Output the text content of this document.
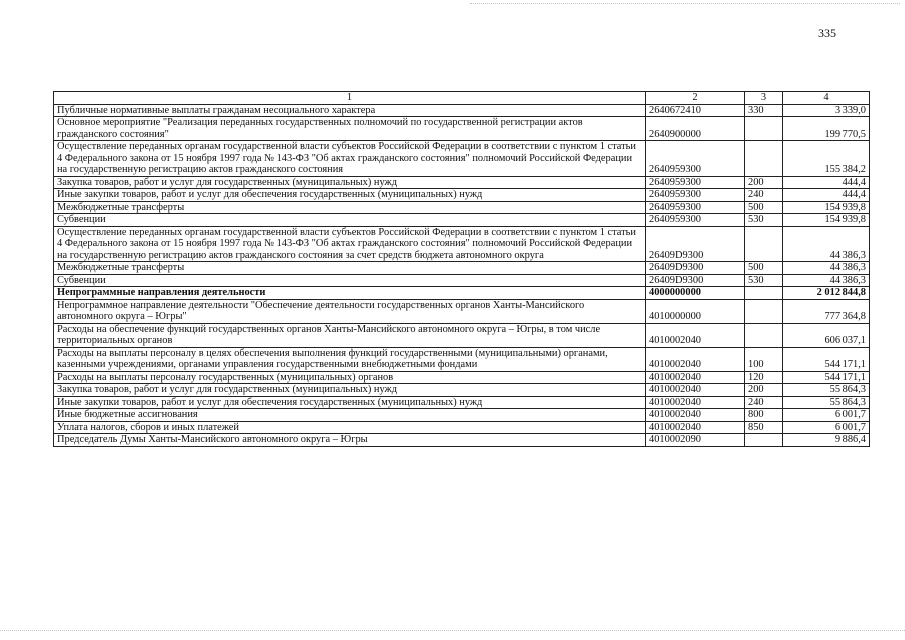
335
1	2	3	4
Публичные нормативные выплаты гражданам несоциального характера	2640672410	330	3 339,0
Основное мероприятие "Реализация переданных государственных полномочий по государственной регистрации актов гражданского состояния"	2640900000		199 770,5
Осуществление переданных органам государственной власти субъектов Российской Федерации в соответствии с пунктом 1 статьи 4 Федерального закона от 15 ноября 1997 года № 143-ФЗ "Об актах гражданского состояния" полномочий Российской Федерации на государственную регистрацию актов гражданского состояния	2640959300		155 384,2
Закупка товаров, работ и услуг для государственных (муниципальных) нужд	2640959300	200	444,4
Иные закупки товаров, работ и услуг для обеспечения государственных (муниципальных) нужд	2640959300	240	444,4
Межбюджетные трансферты	2640959300	500	154 939,8
Субвенции	2640959300	530	154 939,8
Осуществление переданных органам государственной власти субъектов Российской Федерации в соответствии с пунктом 1 статьи 4 Федерального закона от 15 ноября 1997 года № 143-ФЗ "Об актах гражданского состояния" полномочий Российской Федерации на государственную регистрацию актов гражданского состояния за счет средств бюджета автономного округа	26409D9300		44 386,3
Межбюджетные трансферты	26409D9300	500	44 386,3
Субвенции	26409D9300	530	44 386,3
Непрограммные направления деятельности	4000000000		2 012 844,8
Непрограммное направление деятельности "Обеспечение деятельности государственных органов Ханты-Мансийского автономного округа – Югры"	4010000000		777 364,8
Расходы на обеспечение функций государственных органов Ханты-Мансийского автономного округа – Югры, в том числе территориальных органов	4010002040		606 037,1
Расходы на выплаты персоналу в целях обеспечения выполнения функций государственными (муниципальными) органами, казенными учреждениями, органами управления государственными внебюджетными фондами	4010002040	100	544 171,1
Расходы на выплаты персоналу государственных (муниципальных) органов	4010002040	120	544 171,1
Закупка товаров, работ и услуг для государственных (муниципальных) нужд	4010002040	200	55 864,3
Иные закупки товаров, работ и услуг для обеспечения государственных (муниципальных) нужд	4010002040	240	55 864,3
Иные бюджетные ассигнования	4010002040	800	6 001,7
Уплата налогов, сборов и иных платежей	4010002040	850	6 001,7
Председатель Думы Ханты-Мансийского автономного округа – Югры	4010002090		9 886,4
